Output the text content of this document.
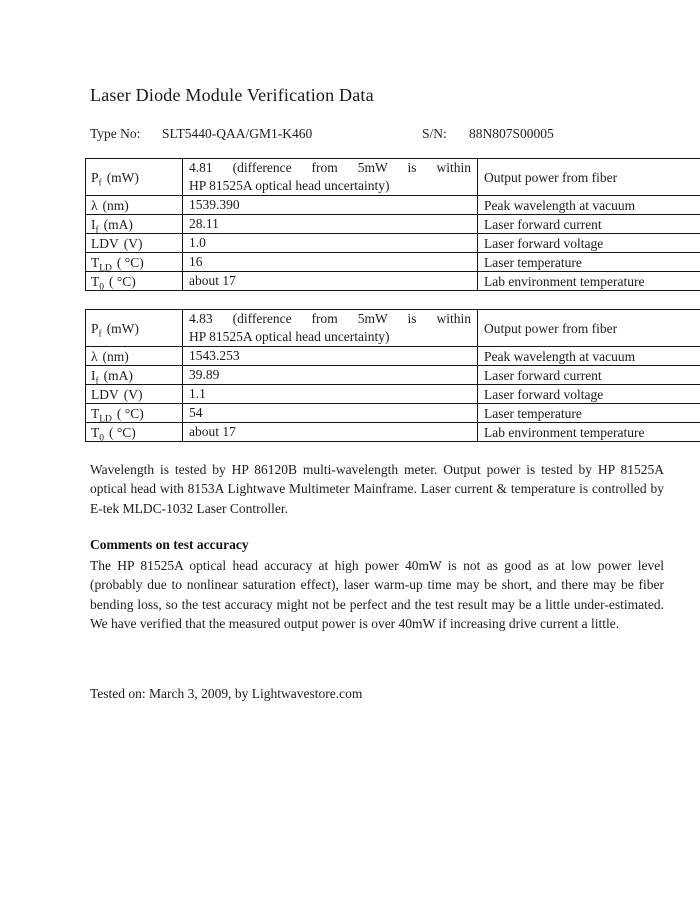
Laser Diode Module Verification Data
Type No: SLT5440-QAA/GM1-K460	S/N: 88N807S00005
$P_f$ (mW)	4.81 (difference from 5mW is within
HP 81525A optical head uncertainty)	Output power from fiber
λ (nm)	1539.390	Peak wavelength at vacuum
$I_f$ (mA)	28.11	Laser forward current
LDV (V)	1.0	Laser forward voltage
$T_{LD}$ ( °C)	16	Laser temperature
$T_0$ ( °C)	about 17	Lab environment temperature
$P_f$ (mW)	4.83 (difference from 5mW is within
HP 81525A optical head uncertainty)	Output power from fiber
λ (nm)	1543.253	Peak wavelength at vacuum
$I_f$ (mA)	39.89	Laser forward current
LDV (V)	1.1	Laser forward voltage
$T_{LD}$ ( °C)	54	Laser temperature
$T_0$ ( °C)	about 17	Lab environment temperature
Wavelength is tested by HP 86120B multi-wavelength meter. Output power is tested by HP 81525A optical head with 8153A Lightwave Multimeter Mainframe. Laser current & temperature is controlled by E-tek MLDC-1032 Laser Controller.
Comments on test accuracy
The HP 81525A optical head accuracy at high power 40mW is not as good as at low power level (probably due to nonlinear saturation effect), laser warm-up time may be short, and there may be fiber bending loss, so the test accuracy might not be perfect and the test result may be a little under-estimated. We have verified that the measured output power is over 40mW if increasing drive current a little.
Tested on: March 3, 2009, by Lightwavestore.com
